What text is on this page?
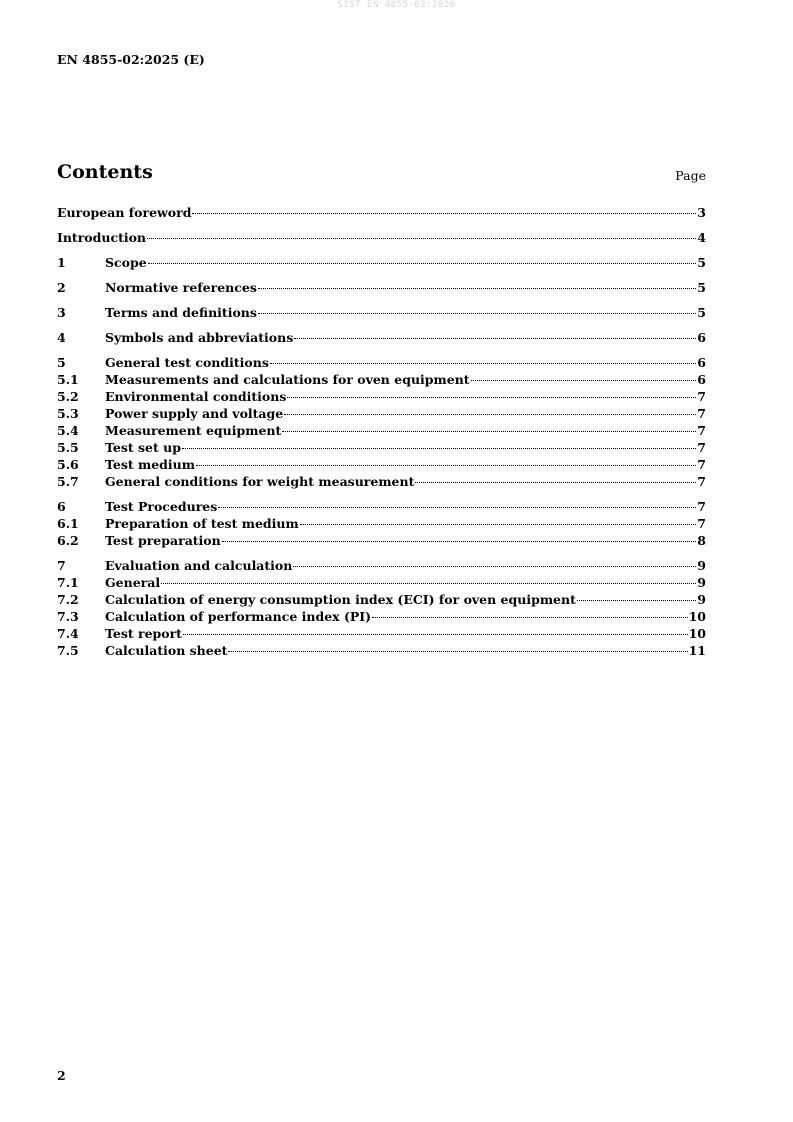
SIST EN 4855-02:2026
EN 4855-02:2025 (E)
Contents	Page
European foreword	3
Introduction	4
1	Scope	5
2	Normative references	5
3	Terms and definitions	5
4	Symbols and abbreviations	6
5	General test conditions	6
5.1 Measurements and calculations for oven equipment	6
5.2 Environmental conditions	7
5.3 Power supply and voltage	7
5.4 Measurement equipment	7
5.5 Test set up	7
5.6 Test medium	7
5.7 General conditions for weight measurement	7
6	Test Procedures	7
6.1 Preparation of test medium	7
6.2 Test preparation	8
7	Evaluation and calculation	9
7.1 General	9
7.2 Calculation of energy consumption index (ECI) for oven equipment	9
7.3 Calculation of performance index (PI)	10
7.4 Test report	10
7.5 Calculation sheet	11
2
